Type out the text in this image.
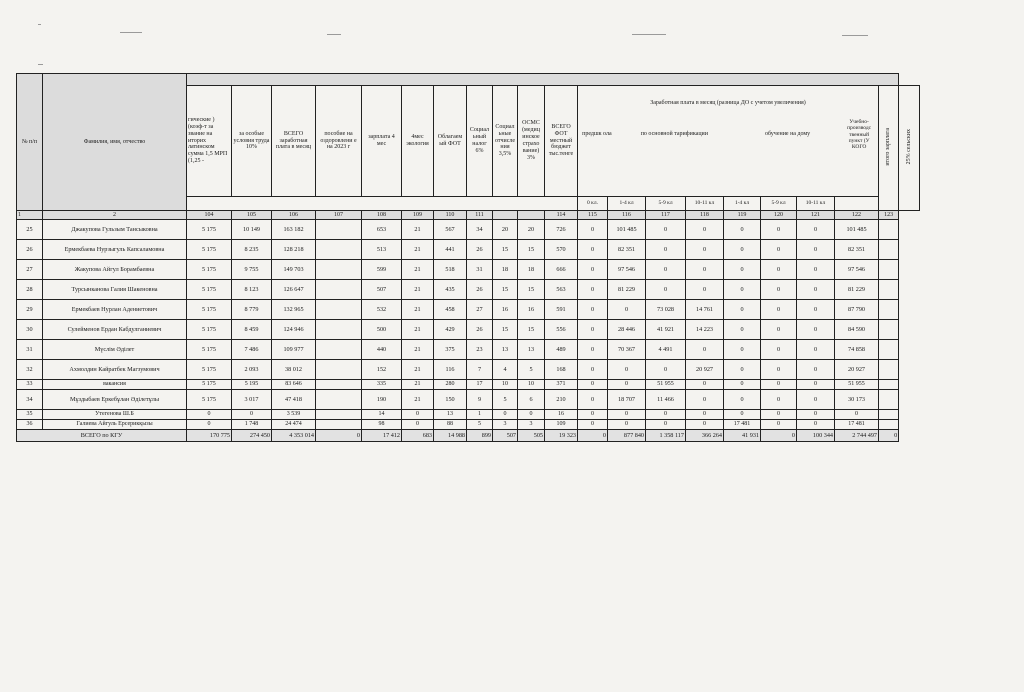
№ п/п	Фамилия, имя, отчество	
гические ) (коэф-т за звание на иторих латинском сумма 1,5 МРП (1,25 -	за особые условия труда 10%	ВСЕГО заработная плата в месяц	пособие на оздоровлени е на 2023 г	зарплата 4 мес	4мес экология	Облагаем ый ФОТ	Социал ьный налог 6%	Социал ьные отчисле ния 3,5%	ОСМС (медиц инское страхо вание) 3%	ВСЕГО ФОТ местный бюджет тыс.тенге	
Заработная плата в месяц (разница ДО с учетом увеличения)
предшк ола	по основной тарификации	обучение на дому	Учебно- производс твенный пункт (У КОГО
		итого зарплата	25% сельских
	0 кл.	1-4 кл	5-9 кл	10-11 кл	1-4 кл	5-9 кл	10-11 кл	
1	2	104	105	106	107	108	109	110	111			114	115	116	117	118	119	120	121	122	123
25	Джакупова Гульзым Тансыковна	5 175	10 149	163 182		653	21	567	34	20	20	726	0	101 485	0	0	0	0	0	101 485	
26	Ермекбаева Нурзыгуль Капсаламовна	5 175	8 235	128 218		513	21	441	26	15	15	570	0	82 351	0	0	0	0	0	82 351	
27	Жакупова Айгул Борамбаевна	5 175	9 755	149 703		599	21	518	31	18	18	666	0	97 546	0	0	0	0	0	97 546	
28	Турсынканова Галия Шакеновна	5 175	8 123	126 647		507	21	435	26	15	15	563	0	81 229	0	0	0	0	0	81 229	
29	Ермекбаев Нурлан Адениетович	5 175	8 779	132 965		532	21	458	27	16	16	591	0	0	73 028	14 761	0	0	0	87 790	
30	Сулейменов Ердан Кабдулганиевич	5 175	8 459	124 946		500	21	429	26	15	15	556	0	28 446	41 921	14 223	0	0	0	84 590	
31	Мүслім Әділет	5 175	7 486	109 977		440	21	375	23	13	13	489	0	70 367	4 491	0	0	0	0	74 858	
32	Ахмолдин Кайратбек Магзумович	5 175	2 093	38 012		152	21	116	7	4	5	168	0	0	0	20 927	0	0	0	20 927	
33	вакансия	5 175	5 195	83 646		335	21	280	17	10	10	371	0	0	51 955	0	0	0	0	51 955	
34	Мұздыбаев Еркебұлан Әділетұлы	5 175	3 017	47 418		190	21	150	9	5	6	210	0	18 707	11 466	0	0	0	0	30 173	
35	Утегенова Ш.Б	0	0	3 539		14	0	13	1	0	0	16	0	0	0	0	0	0	0	0	
36	Галиева Айгуль Ерсерикқызы	0	1 748	24 474		98	0	88	5	3	3	109	0	0	0	0	17 481	0	0	17 481	
ВСЕГО по КГУ	170 775	274 450	4 353 014	0	17 412	683	14 988	899	507	505	19 323	0	877 840	1 358 117	366 264	41 931	0	100 344	2 744 497	0
